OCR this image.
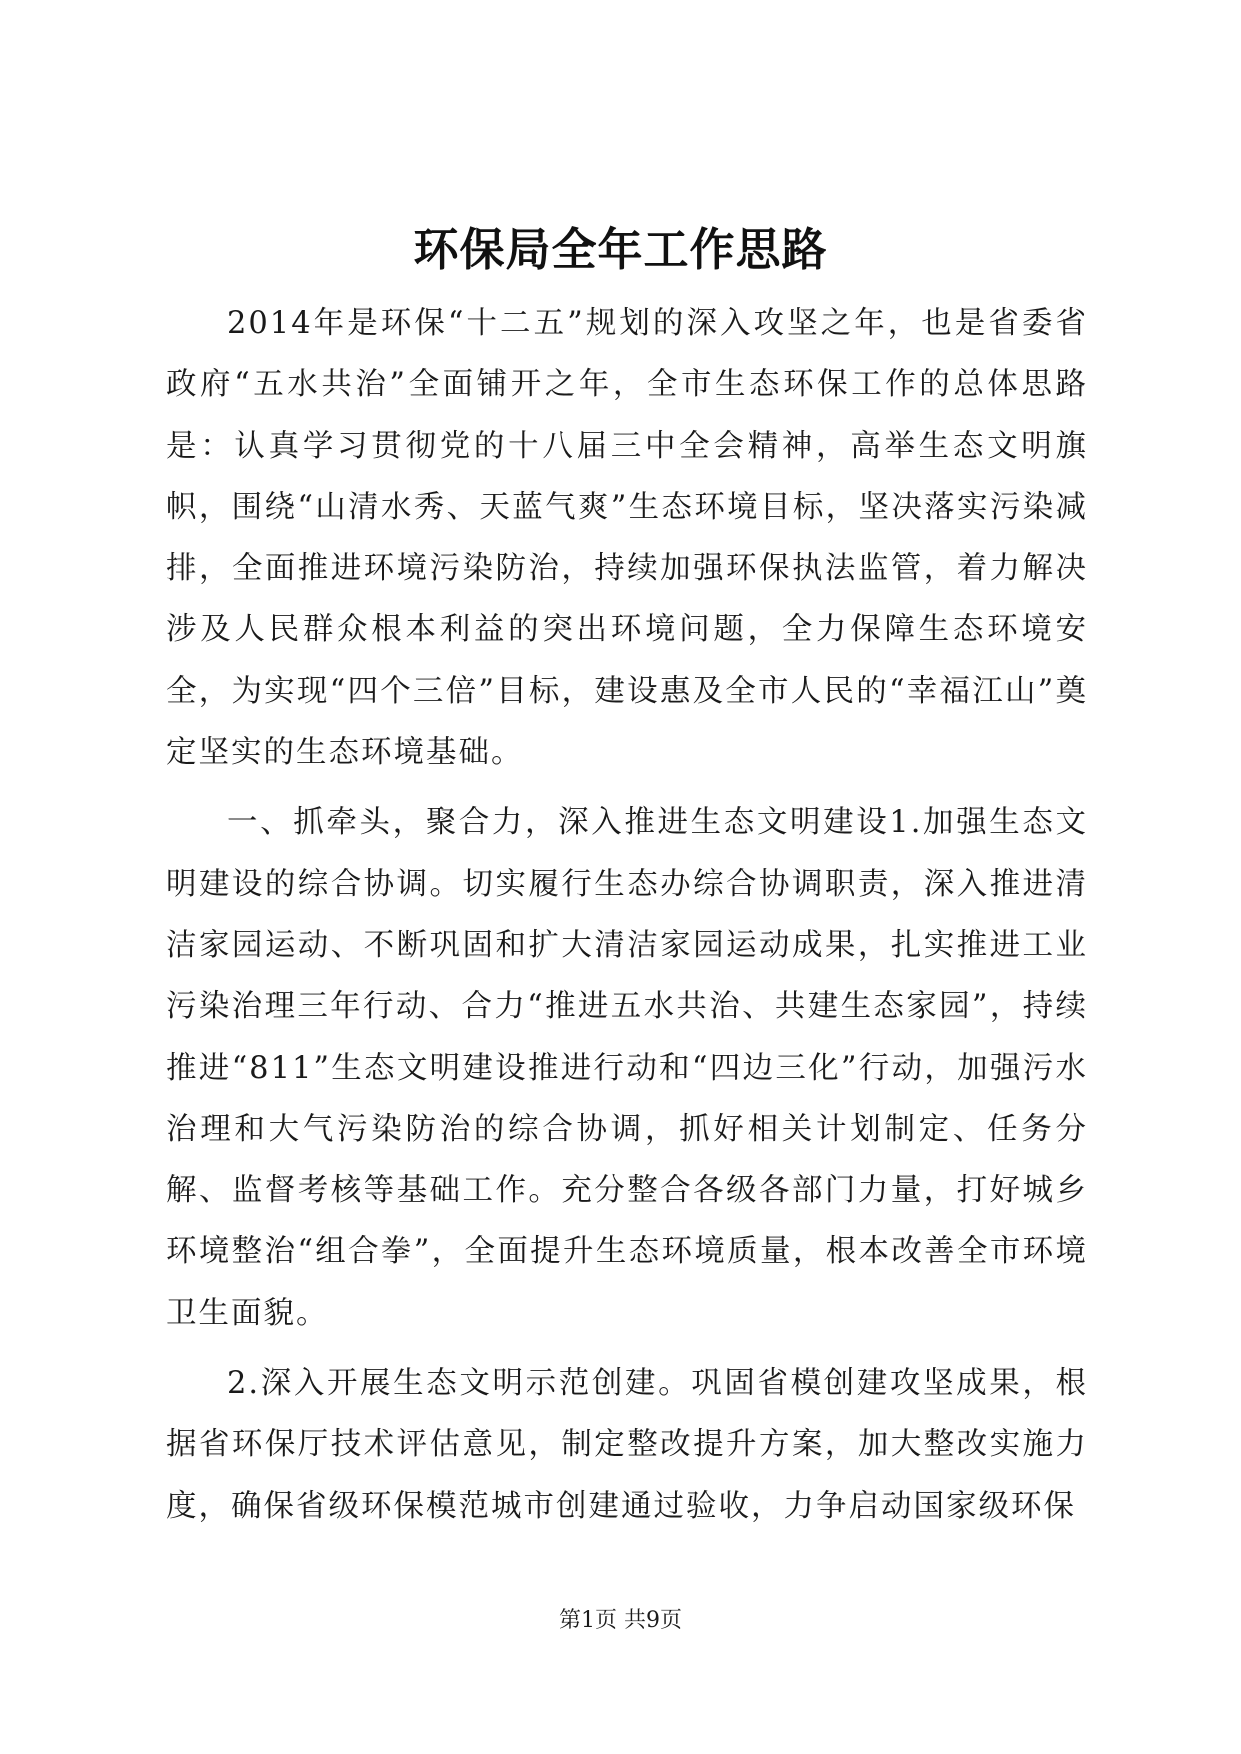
环保局全年工作思路

2014年是环保“十二五”规划的深入攻坚之年，也是省委省政府“五水共治”全面铺开之年，全市生态环保工作的总体思路是：认真学习贯彻党的十八届三中全会精神，高举生态文明旗帜，围绕“山清水秀、天蓝气爽”生态环境目标，坚决落实污染减排，全面推进环境污染防治，持续加强环保执法监管，着力解决涉及人民群众根本利益的突出环境问题，全力保障生态环境安全，为实现“四个三倍”目标，建设惠及全市人民的“幸福江山”奠定坚实的生态环境基础。

一、抓牵头，聚合力，深入推进生态文明建设1.加强生态文明建设的综合协调。切实履行生态办综合协调职责，深入推进清洁家园运动、不断巩固和扩大清洁家园运动成果，扎实推进工业污染治理三年行动、合力“推进五水共治、共建生态家园”，持续推进“811”生态文明建设推进行动和“四边三化”行动，加强污水治理和大气污染防治的综合协调，抓好相关计划制定、任务分解、监督考核等基础工作。充分整合各级各部门力量，打好城乡环境整治“组合拳”，全面提升生态环境质量，根本改善全市环境卫生面貌。

2.深入开展生态文明示范创建。巩固省模创建攻坚成果，根据省环保厅技术评估意见，制定整改提升方案，加大整改实施力度，确保省级环保模范城市创建通过验收，力争启动国家级环保

第1页 共9页
